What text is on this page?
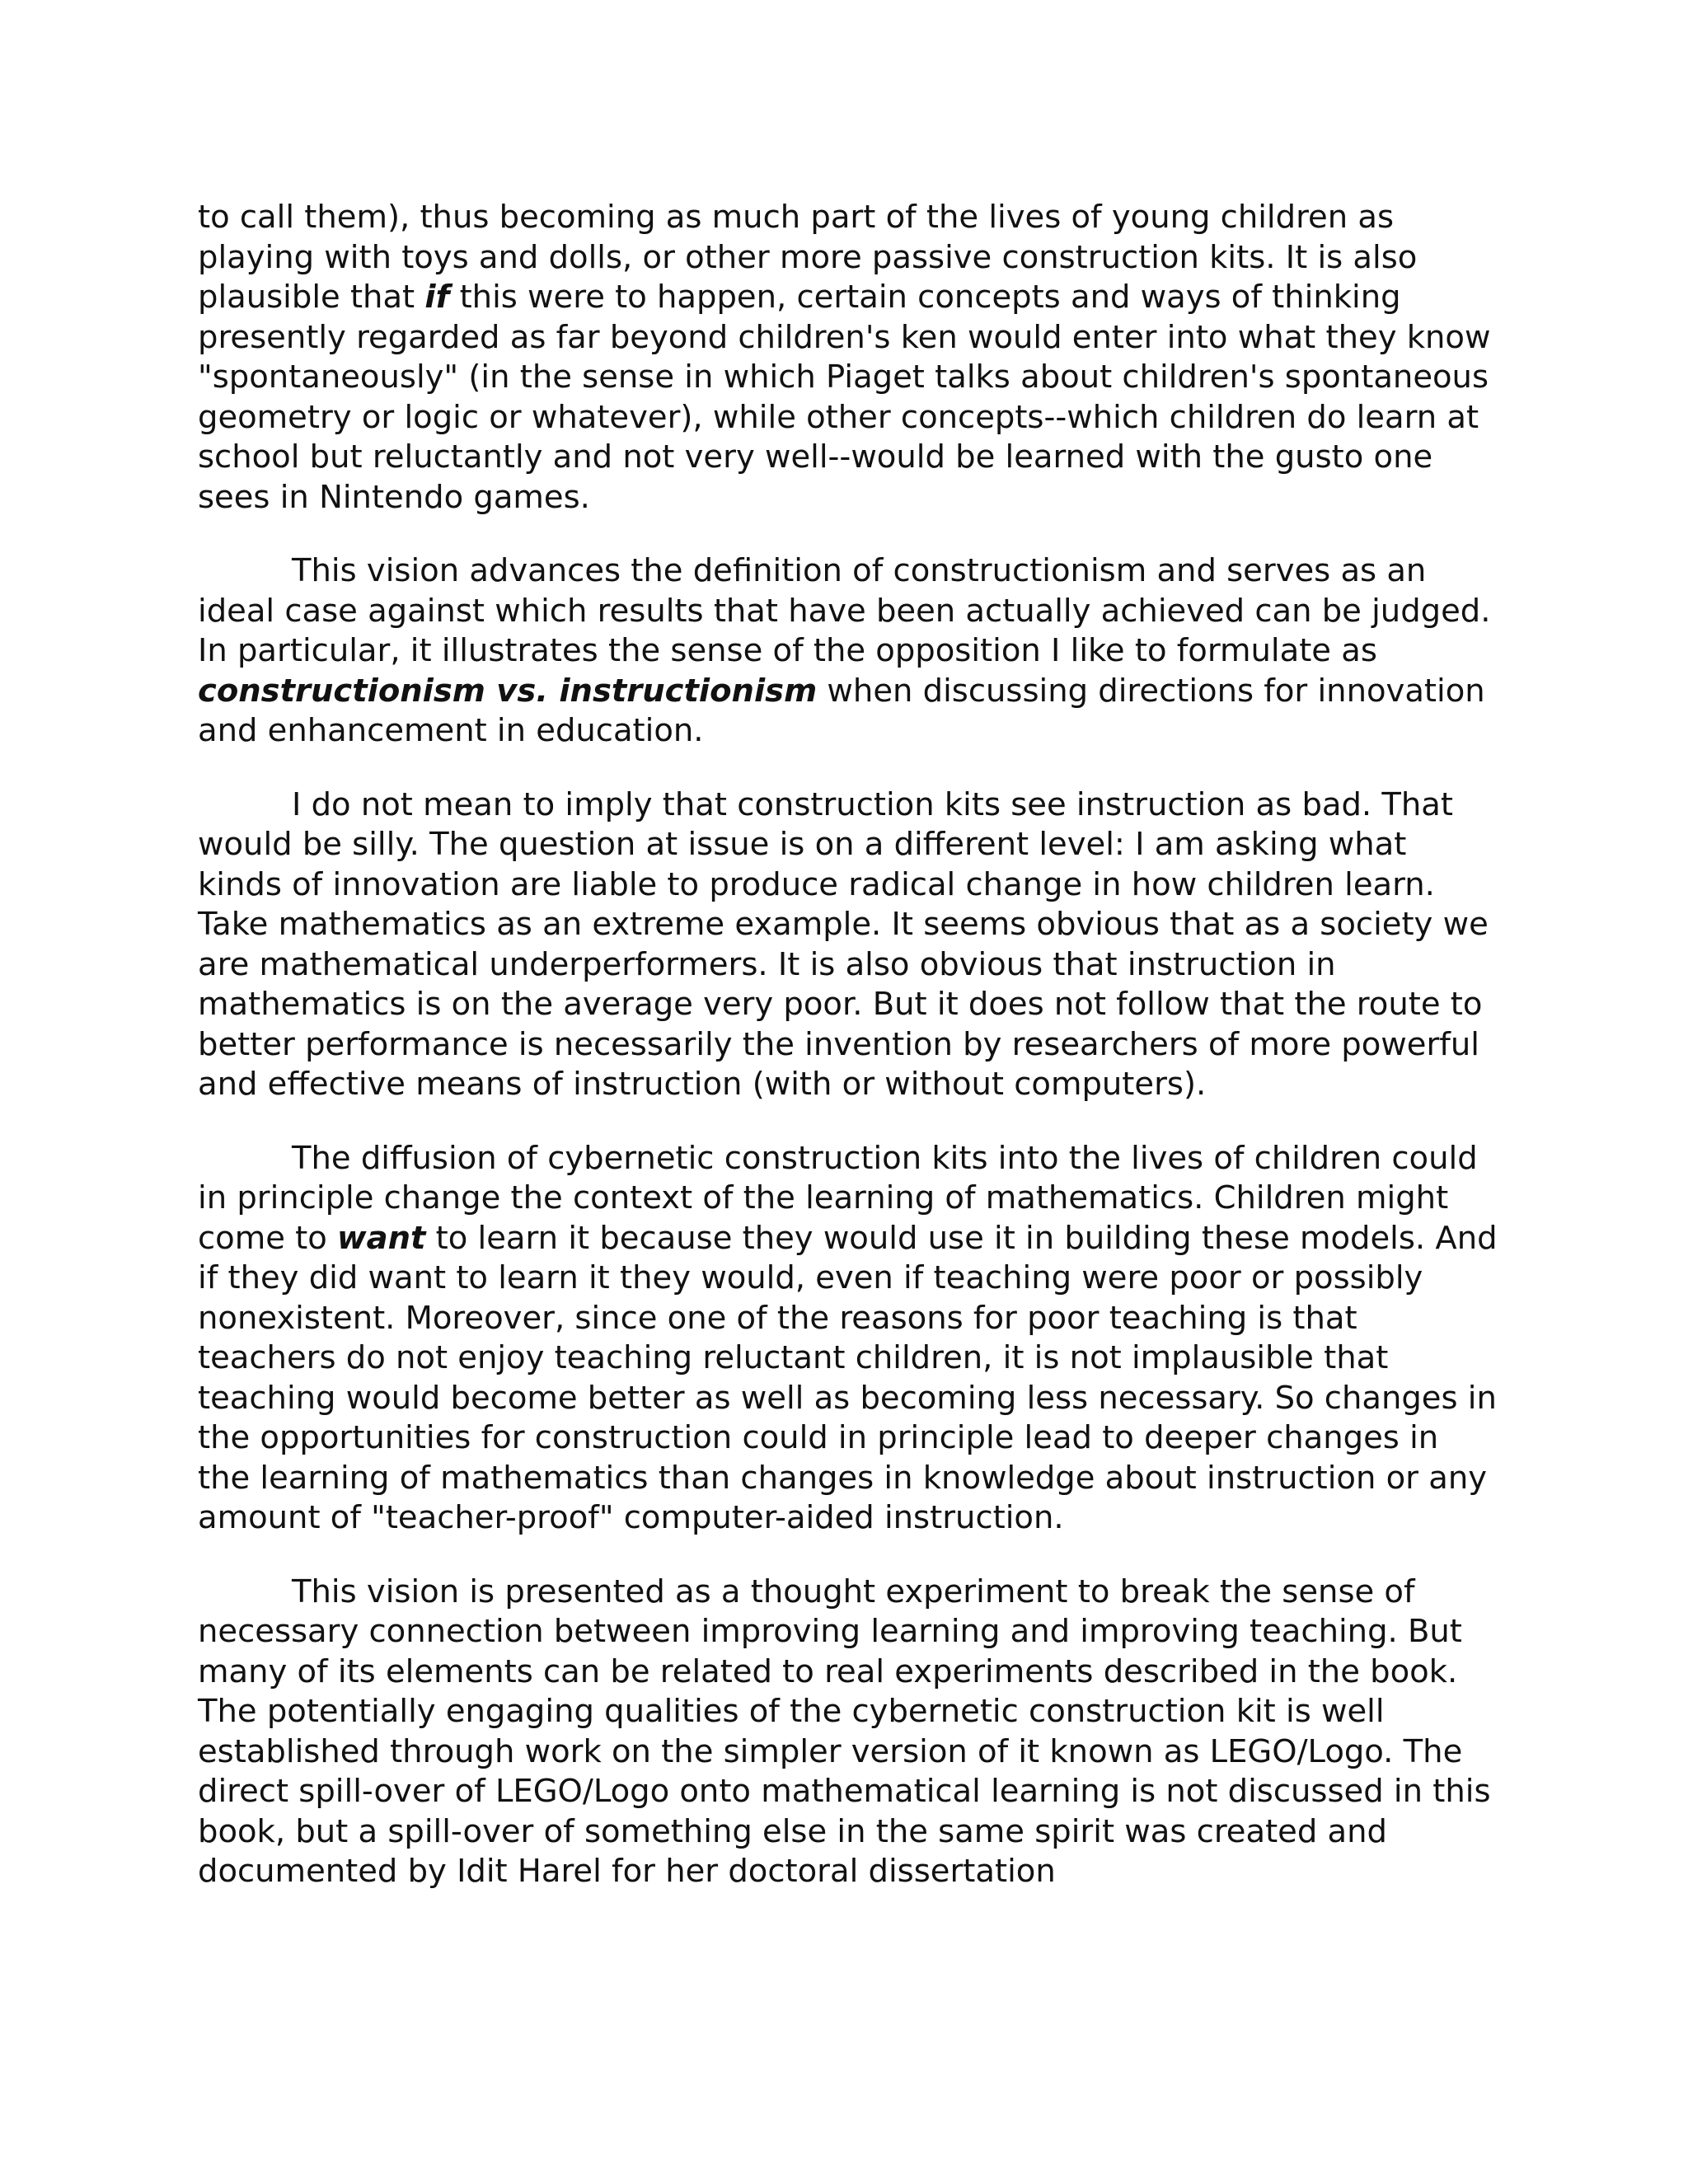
to call them), thus becoming as much part of the lives of young children as playing with toys and dolls, or other more passive construction kits. It is also plausible that if this were to happen, certain concepts and ways of thinking presently regarded as far beyond children's ken would enter into what they know "spontaneously" (in the sense in which Piaget talks about children's spontaneous geometry or logic or whatever), while other concepts--which children do learn at school but reluctantly and not very well--would be learned with the gusto one sees in Nintendo games.

This vision advances the definition of constructionism and serves as an ideal case against which results that have been actually achieved can be judged. In particular, it illustrates the sense of the opposition I like to formulate as constructionism vs. instructionism when discussing directions for innovation and enhancement in education.

I do not mean to imply that construction kits see instruction as bad. That would be silly. The question at issue is on a different level: I am asking what kinds of innovation are liable to produce radical change in how children learn. Take mathematics as an extreme example. It seems obvious that as a society we are mathematical underperformers. It is also obvious that instruction in mathematics is on the average very poor. But it does not follow that the route to better performance is necessarily the invention by researchers of more powerful and effective means of instruction (with or without computers).

The diffusion of cybernetic construction kits into the lives of children could in principle change the context of the learning of mathematics. Children might come to want to learn it because they would use it in building these models. And if they did want to learn it they would, even if teaching were poor or possibly nonexistent. Moreover, since one of the reasons for poor teaching is that teachers do not enjoy teaching reluctant children, it is not implausible that teaching would become better as well as becoming less necessary. So changes in the opportunities for construction could in principle lead to deeper changes in the learning of mathematics than changes in knowledge about instruction or any amount of "teacher-proof" computer-aided instruction.

This vision is presented as a thought experiment to break the sense of necessary connection between improving learning and improving teaching. But many of its elements can be related to real experiments described in the book. The potentially engaging qualities of the cybernetic construction kit is well established through work on the simpler version of it known as LEGO/Logo. The direct spill-over of LEGO/Logo onto mathematical learning is not discussed in this book, but a spill-over of something else in the same spirit was created and documented by Idit Harel for her doctoral dissertation
